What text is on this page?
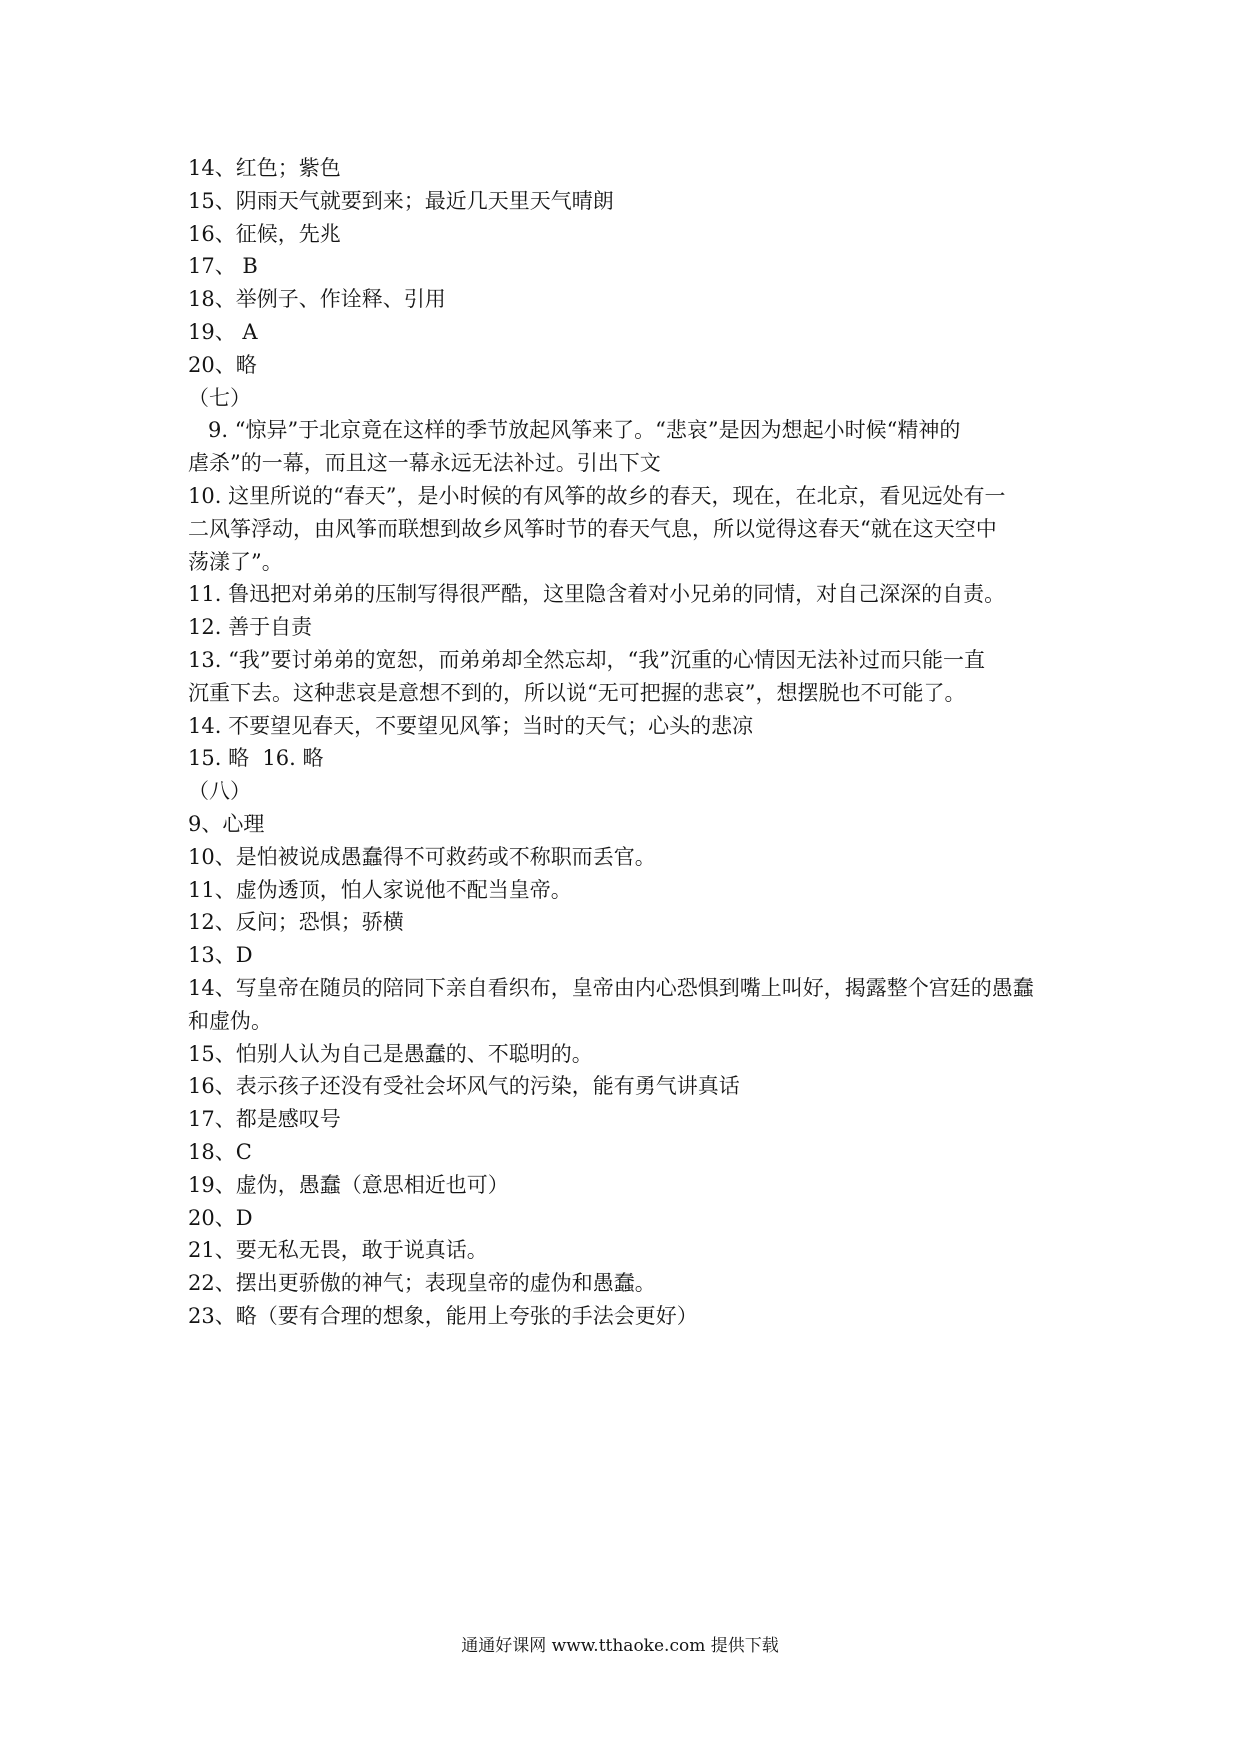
14、红色；紫色

15、阴雨天气就要到来；最近几天里天气晴朗

16、征候，先兆

17、 B

18、举例子、作诠释、引用

19、 A

20、略

（七）

9. “惊异”于北京竟在这样的季节放起风筝来了。“悲哀”是因为想起小时候“精神的

虐杀”的一幕，而且这一幕永远无法补过。引出下文

10. 这里所说的“春天”，是小时候的有风筝的故乡的春天，现在，在北京，看见远处有一

二风筝浮动，由风筝而联想到故乡风筝时节的春天气息，所以觉得这春天“就在这天空中

荡漾了”。

11. 鲁迅把对弟弟的压制写得很严酷，这里隐含着对小兄弟的同情，对自己深深的自责。

12. 善于自责

13. “我”要讨弟弟的宽恕，而弟弟却全然忘却，“我”沉重的心情因无法补过而只能一直

沉重下去。这种悲哀是意想不到的，所以说“无可把握的悲哀”，想摆脱也不可能了。

14. 不要望见春天，不要望见风筝；当时的天气；心头的悲凉

15. 略  16. 略

（八）

9、心理

10、是怕被说成愚蠢得不可救药或不称职而丢官。

11、虚伪透顶，怕人家说他不配当皇帝。

12、反问；恐惧；骄横

13、D

14、写皇帝在随员的陪同下亲自看织布，皇帝由内心恐惧到嘴上叫好，揭露整个宫廷的愚蠢

和虚伪。

15、怕别人认为自己是愚蠢的、不聪明的。

16、表示孩子还没有受社会坏风气的污染，能有勇气讲真话

17、都是感叹号

18、C

19、虚伪，愚蠢（意思相近也可）

20、D

21、要无私无畏，敢于说真话。

22、摆出更骄傲的神气；表现皇帝的虚伪和愚蠢。

23、略（要有合理的想象，能用上夸张的手法会更好）

通通好课网 www.tthaoke.com 提供下载
